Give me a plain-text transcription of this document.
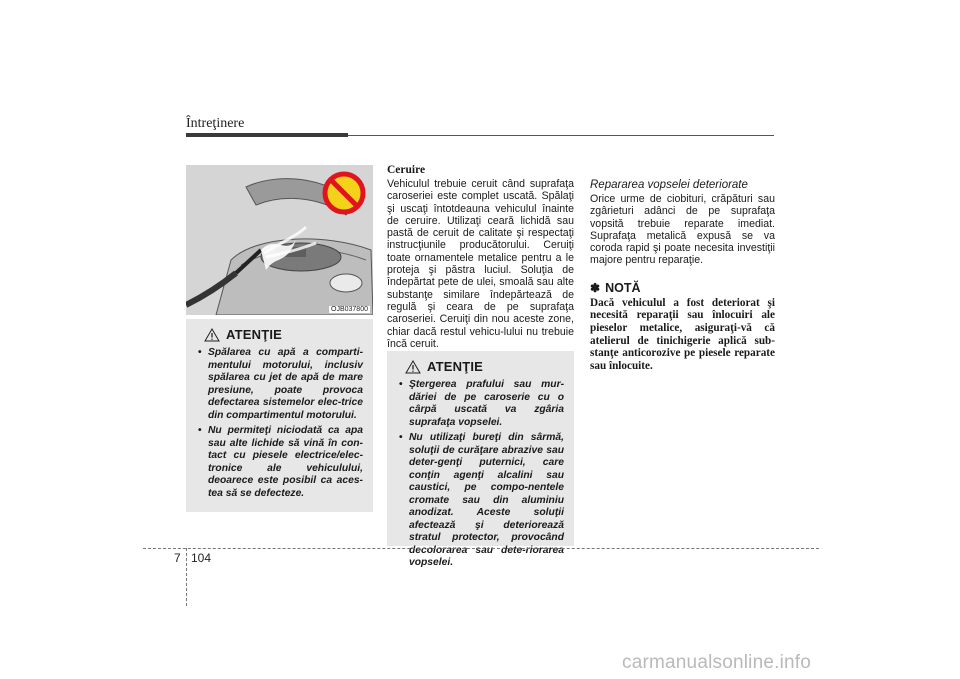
Întreţinere
OJB037800
ATENŢIE
• Spălarea cu apă a comparti-mentului motorului, inclusiv spălarea cu jet de apă de mare presiune, poate provoca defectarea sistemelor elec-trice din compartimentul motorului.
• Nu permiteţi niciodată ca apa sau alte lichide să vină în con-tact cu piesele electrice/elec-tronice ale vehiculului, deoarece este posibil ca aces-tea să se defecteze.
Ceruire

Vehiculul trebuie ceruit când suprafaţa caroseriei este complet uscată. Spălaţi şi uscaţi întotdeauna vehiculul înainte de ceruire. Utilizaţi ceară lichidă sau pastă de ceruit de calitate şi respectaţi instrucţiunile producătorului. Ceruiţi toate ornamentele metalice pentru a le proteja şi păstra luciul. Soluţia de îndepărtat pete de ulei, smoală sau alte substanţe similare îndepărtează de regulă şi ceara de pe suprafaţa caroseriei. Ceruiţi din nou aceste zone, chiar dacă restul vehicu-lului nu trebuie încă ceruit.

ATENŢIE
• Ştergerea prafului sau mur-dăriei de pe caroserie cu o cârpă uscată va zgâria suprafaţa vopselei.
• Nu utilizaţi bureţi din sârmă, soluţii de curăţare abrazive sau deter-genţi puternici, care conţin agenţi alcalini sau caustici, pe compo-nentele cromate sau din aluminiu anodizat. Aceste soluţii afectează şi deteriorează stratul protector, provocând decolorarea sau dete-riorarea vopselei.
Repararea vopselei deteriorate

Orice urme de ciobituri, crăpături sau zgârieturi adânci de pe suprafaţa vopsită trebuie reparate imediat. Suprafaţa metalică expusă se va coroda rapid şi poate necesita investiţii majore pentru reparaţie.

✽ NOTĂ

Dacă vehiculul a fost deteriorat şi necesită reparaţii sau înlocuiri ale pieselor metalice, asiguraţi-vă că atelierul de tinichigerie aplică sub-stanţe anticorozive pe piesele reparate sau înlocuite.

7 104
carmanualsonline.info
